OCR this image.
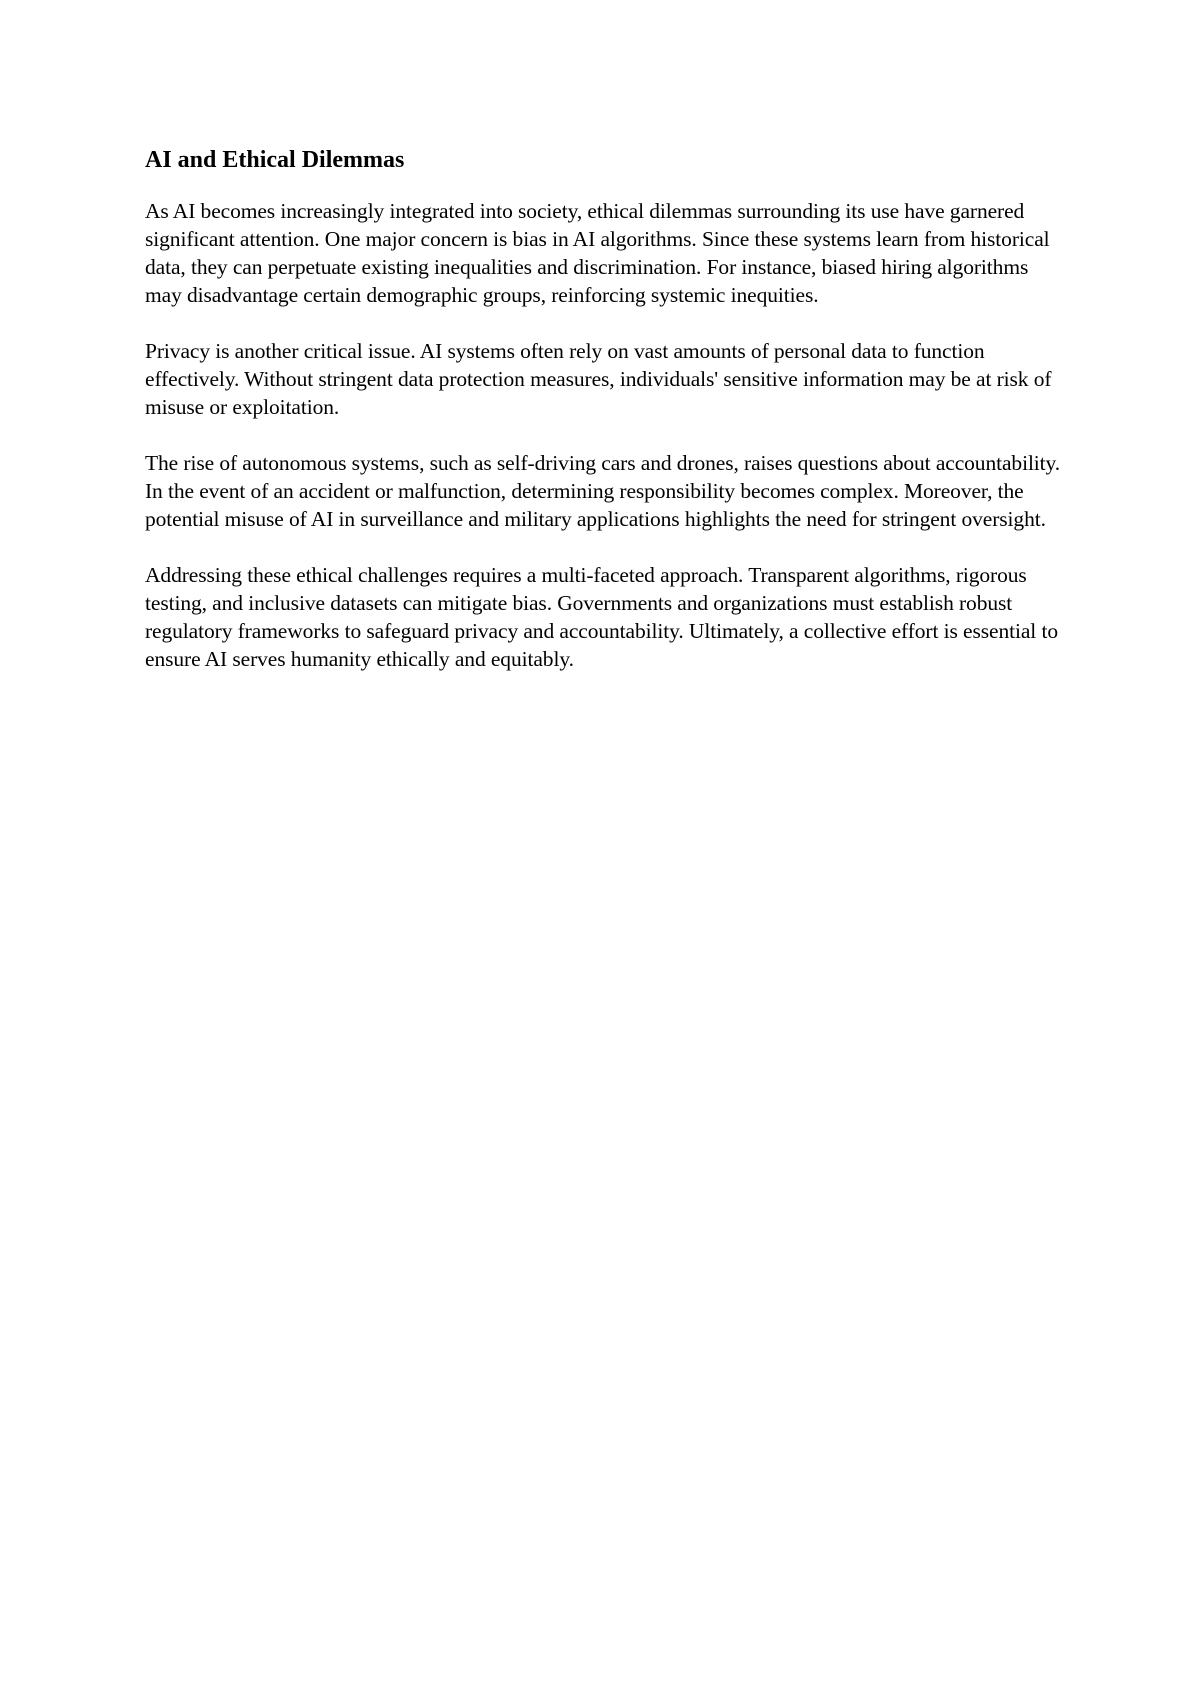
AI and Ethical Dilemmas

As AI becomes increasingly integrated into society, ethical dilemmas surrounding its use have garnered significant attention. One major concern is bias in AI algorithms. Since these systems learn from historical data, they can perpetuate existing inequalities and discrimination. For instance, biased hiring algorithms may disadvantage certain demographic groups, reinforcing systemic inequities.

Privacy is another critical issue. AI systems often rely on vast amounts of personal data to function effectively. Without stringent data protection measures, individuals' sensitive information may be at risk of misuse or exploitation.

The rise of autonomous systems, such as self-driving cars and drones, raises questions about accountability. In the event of an accident or malfunction, determining responsibility becomes complex. Moreover, the potential misuse of AI in surveillance and military applications highlights the need for stringent oversight.

Addressing these ethical challenges requires a multi-faceted approach. Transparent algorithms, rigorous testing, and inclusive datasets can mitigate bias. Governments and organizations must establish robust regulatory frameworks to safeguard privacy and accountability. Ultimately, a collective effort is essential to ensure AI serves humanity ethically and equitably.
